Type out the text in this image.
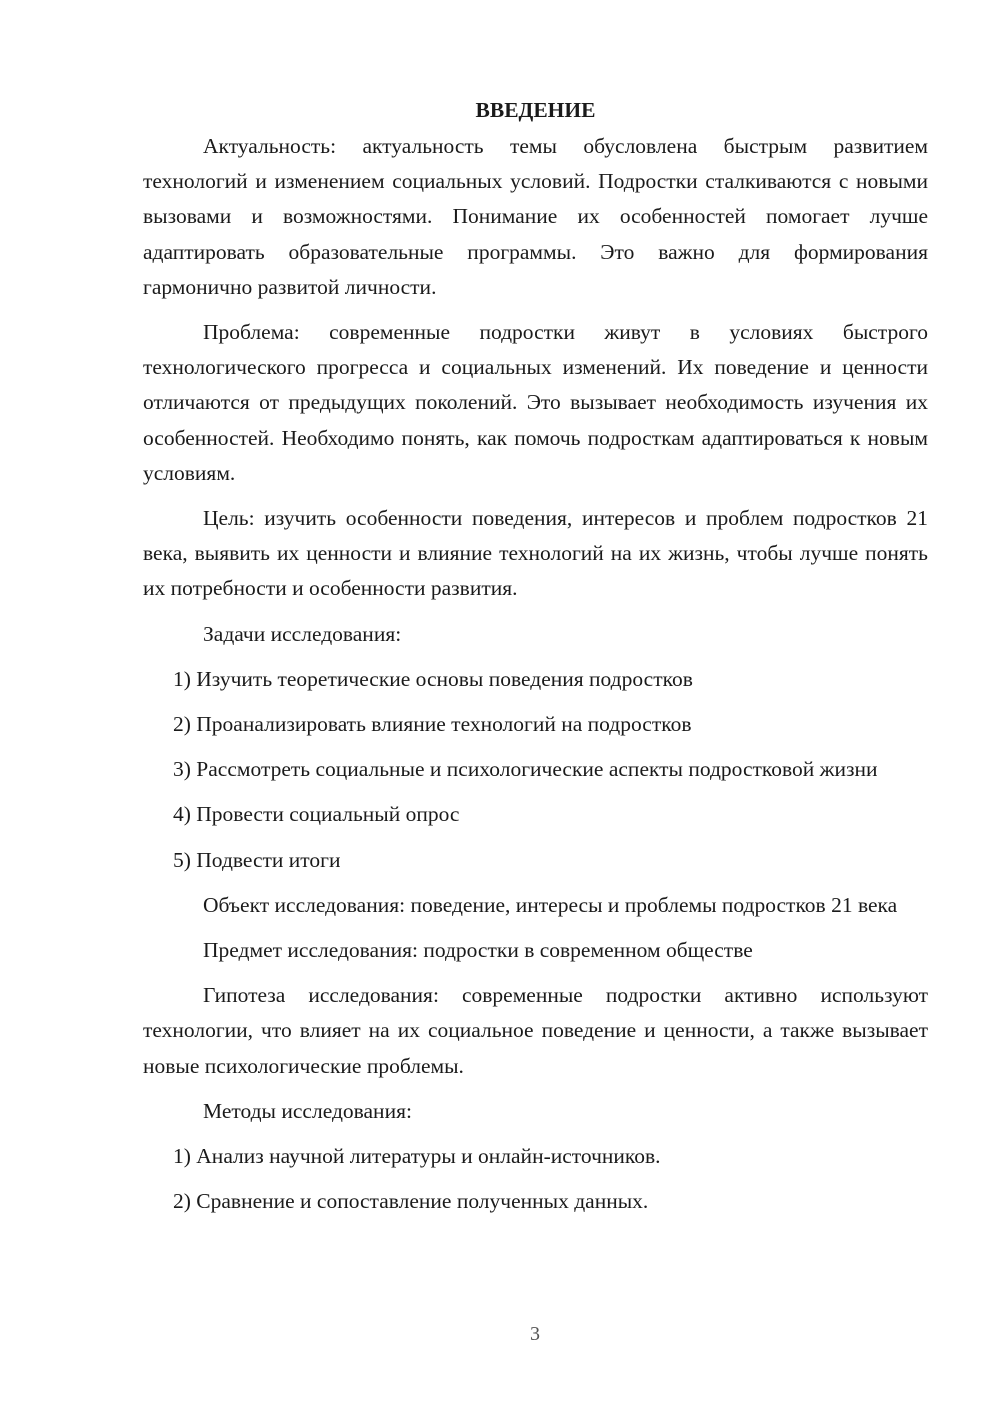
ВВЕДЕНИЕ

Актуальность: актуальность темы обусловлена быстрым развитием технологий и изменением социальных условий. Подростки сталкиваются с новыми вызовами и возможностями. Понимание их особенностей помогает лучше адаптировать образовательные программы. Это важно для формирования гармонично развитой личности.

Проблема: современные подростки живут в условиях быстрого технологического прогресса и социальных изменений. Их поведение и ценности отличаются от предыдущих поколений. Это вызывает необходимость изучения их особенностей. Необходимо понять, как помочь подросткам адаптироваться к новым условиям.

Цель: изучить особенности поведения, интересов и проблем подростков 21 века, выявить их ценности и влияние технологий на их жизнь, чтобы лучше понять их потребности и особенности развития.

Задачи исследования:

1) Изучить теоретические основы поведения подростков

2) Проанализировать влияние технологий на подростков

3) Рассмотреть социальные и психологические аспекты подростковой жизни

4) Провести социальный опрос

5) Подвести итоги

Объект исследования: поведение, интересы и проблемы подростков 21 века

Предмет исследования: подростки в современном обществе

Гипотеза исследования: современные подростки активно используют технологии, что влияет на их социальное поведение и ценности, а также вызывает новые психологические проблемы.

Методы исследования:

1) Анализ научной литературы и онлайн-источников.

2) Сравнение и сопоставление полученных данных.

3
